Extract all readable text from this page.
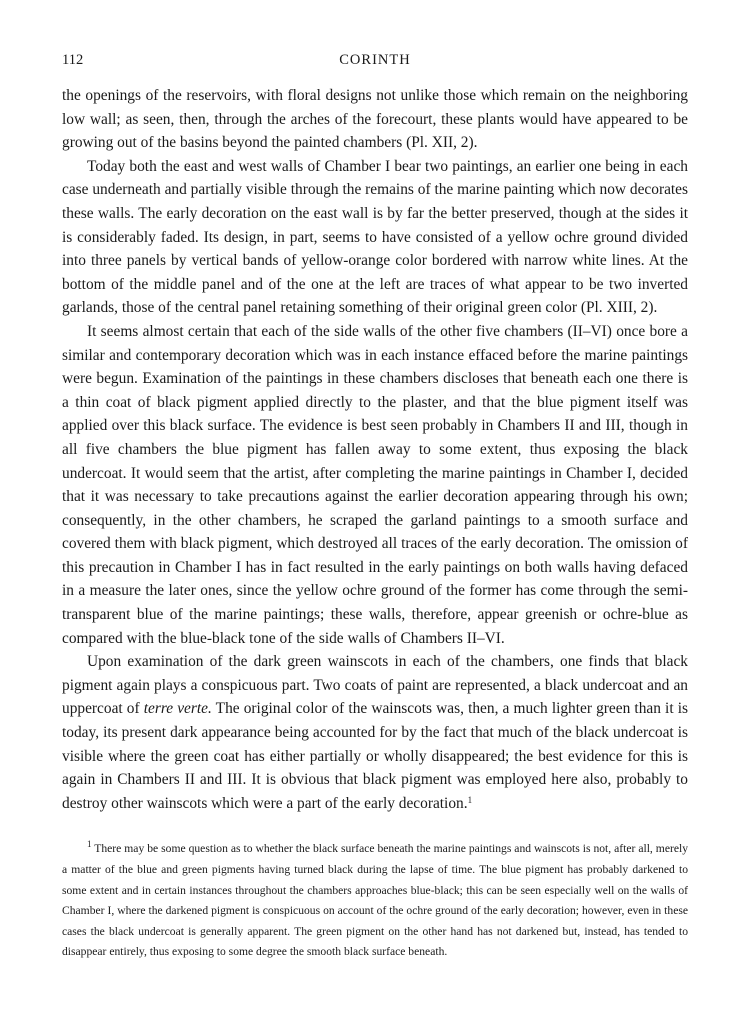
112	CORINTH

the openings of the reservoirs, with floral designs not unlike those which remain on the neighboring low wall; as seen, then, through the arches of the forecourt, these plants would have appeared to be growing out of the basins beyond the painted chambers (Pl. XII, 2).

Today both the east and west walls of Chamber I bear two paintings, an earlier one being in each case underneath and partially visible through the remains of the marine painting which now decorates these walls. The early decoration on the east wall is by far the better preserved, though at the sides it is considerably faded. Its design, in part, seems to have consisted of a yellow ochre ground divided into three panels by vertical bands of yellow-orange color bordered with narrow white lines. At the bottom of the middle panel and of the one at the left are traces of what appear to be two inverted garlands, those of the central panel retaining something of their original green color (Pl. XIII, 2).

It seems almost certain that each of the side walls of the other five chambers (II–VI) once bore a similar and contemporary decoration which was in each instance effaced before the marine paintings were begun. Examination of the paintings in these chambers discloses that beneath each one there is a thin coat of black pigment applied directly to the plaster, and that the blue pigment itself was applied over this black surface. The evidence is best seen probably in Chambers II and III, though in all five chambers the blue pigment has fallen away to some extent, thus exposing the black undercoat. It would seem that the artist, after completing the marine paintings in Chamber I, decided that it was necessary to take precautions against the earlier decoration appearing through his own; consequently, in the other chambers, he scraped the garland paintings to a smooth surface and covered them with black pigment, which destroyed all traces of the early decoration. The omission of this precaution in Chamber I has in fact resulted in the early paintings on both walls having defaced in a measure the later ones, since the yellow ochre ground of the former has come through the semi-transparent blue of the marine paintings; these walls, therefore, appear greenish or ochre-blue as compared with the blue-black tone of the side walls of Chambers II–VI.

Upon examination of the dark green wainscots in each of the chambers, one finds that black pigment again plays a conspicuous part. Two coats of paint are represented, a black undercoat and an uppercoat of terre verte. The original color of the wainscots was, then, a much lighter green than it is today, its present dark appearance being accounted for by the fact that much of the black undercoat is visible where the green coat has either partially or wholly disappeared; the best evidence for this is again in Chambers II and III. It is obvious that black pigment was employed here also, probably to destroy other wainscots which were a part of the early decoration.$^1$

$^1$ There may be some question as to whether the black surface beneath the marine paintings and wainscots is not, after all, merely a matter of the blue and green pigments having turned black during the lapse of time. The blue pigment has probably darkened to some extent and in certain instances throughout the chambers approaches blue-black; this can be seen especially well on the walls of Chamber I, where the darkened pigment is conspicuous on account of the ochre ground of the early decoration; however, even in these cases the black undercoat is generally apparent. The green pigment on the other hand has not darkened but, instead, has tended to disappear entirely, thus exposing to some degree the smooth black surface beneath.
